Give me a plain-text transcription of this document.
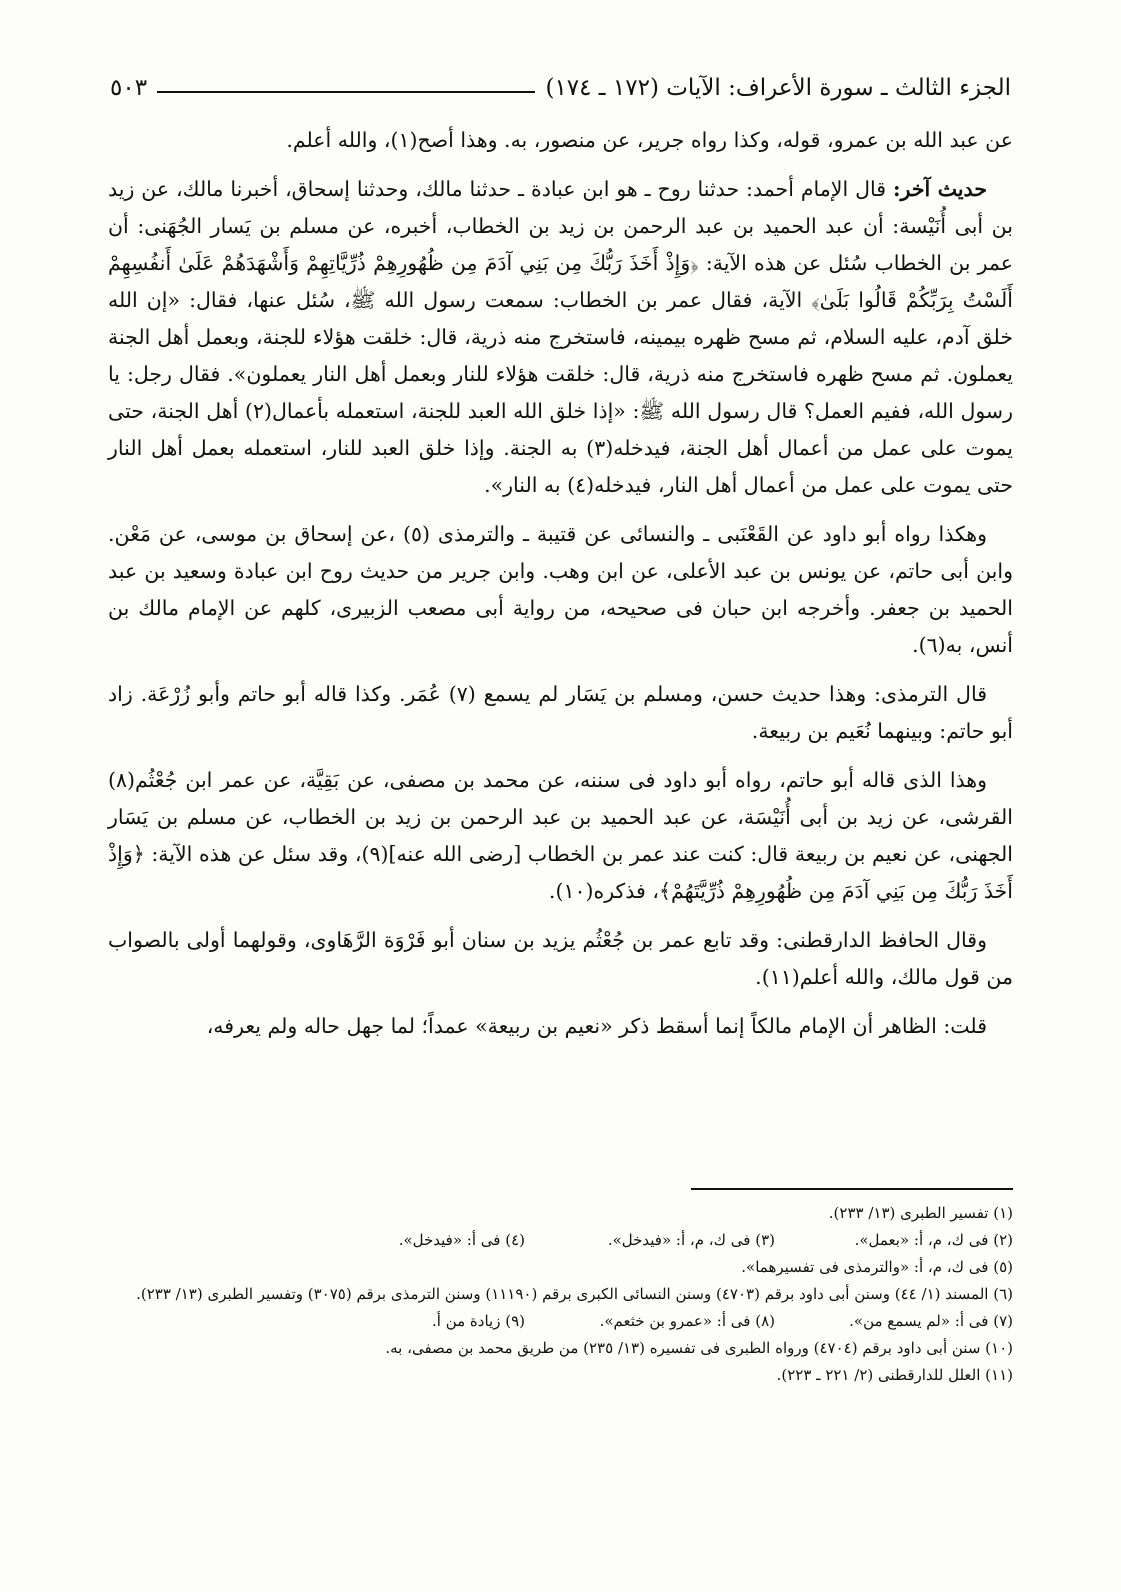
الجزء الثالث ـ سورة الأعراف: الآيات (١٧٢ ـ ١٧٤)
٥٠٣

عن عبد الله بن عمرو، قوله، وكذا رواه جرير، عن منصور، به. وهذا أصح(١)، والله أعلم.

حديث آخر: قال الإمام أحمد: حدثنا روح ـ هو ابن عبادة ـ حدثنا مالك، وحدثنا إسحاق، أخبرنا مالك، عن زيد بن أبى أُنَيْسة: أن عبد الحميد بن عبد الرحمن بن زيد بن الخطاب، أخبره، عن مسلم بن يَسار الجُهَنى: أن عمر بن الخطاب سُئل عن هذه الآية: ﴿وَإِذْ أَخَذَ رَبُّكَ مِن بَنِي آدَمَ مِن ظُهُورِهِمْ ذُرِّيَّاتِهِمْ وَأَشْهَدَهُمْ عَلَىٰ أَنفُسِهِمْ أَلَسْتُ بِرَبِّكُمْ قَالُوا بَلَىٰ﴾ الآية، فقال عمر بن الخطاب: سمعت رسول الله ﷺ، سُئل عنها، فقال: «إن الله خلق آدم، عليه السلام، ثم مسح ظهره بيمينه، فاستخرج منه ذرية، قال: خلقت هؤلاء للجنة، وبعمل أهل الجنة يعملون. ثم مسح ظهره فاستخرج منه ذرية، قال: خلقت هؤلاء للنار وبعمل أهل النار يعملون». فقال رجل: يا رسول الله، ففيم العمل؟ قال رسول الله ﷺ: «إذا خلق الله العبد للجنة، استعمله بأعمال(٢) أهل الجنة، حتى يموت على عمل من أعمال أهل الجنة، فيدخله(٣) به الجنة. وإذا خلق العبد للنار، استعمله بعمل أهل النار حتى يموت على عمل من أعمال أهل النار، فيدخله(٤) به النار».

وهكذا رواه أبو داود عن القَعْنَبى ـ والنسائى عن قتيبة ـ والترمذى (٥) ،عن إسحاق بن موسى، عن مَعْن. وابن أبى حاتم، عن يونس بن عبد الأعلى، عن ابن وهب. وابن جرير من حديث روح ابن عبادة وسعيد بن عبد الحميد بن جعفر. وأخرجه ابن حبان فى صحيحه، من رواية أبى مصعب الزبيرى، كلهم عن الإمام مالك بن أنس، به(٦).

قال الترمذى: وهذا حديث حسن، ومسلم بن يَسَار لم يسمع (٧) عُمَر. وكذا قاله أبو حاتم وأبو زُرْعَة. زاد أبو حاتم: وبينهما نُعَيم بن ربيعة.

وهذا الذى قاله أبو حاتم، رواه أبو داود فى سننه، عن محمد بن مصفى، عن بَقِيَّة، عن عمر ابن جُعْثُم(٨) القرشى، عن زيد بن أبى أُنَيْسَة، عن عبد الحميد بن عبد الرحمن بن زيد بن الخطاب، عن مسلم بن يَسَار الجهنى، عن نعيم بن ربيعة قال: كنت عند عمر بن الخطاب [رضى الله عنه](٩)، وقد سئل عن هذه الآية: ﴿وَإِذْ أَخَذَ رَبُّكَ مِن بَنِي آدَمَ مِن ظُهُورِهِمْ ذُرِّيَّتَهُمْ﴾، فذكره(١٠).

وقال الحافظ الدارقطنى: وقد تابع عمر بن جُعْثُم يزيد بن سنان أبو فَرْوَة الرَّهَاوى، وقولهما أولى بالصواب من قول مالك، والله أعلم(١١).

قلت: الظاهر أن الإمام مالكاً إنما أسقط ذكر «نعيم بن ربيعة» عمداً؛ لما جهل حاله ولم يعرفه،

(١) تفسير الطبرى (١٣/ ٢٣٣).

(٢) فى ك، م، أ: «بعمل».
(٣) فى ك، م، أ: «فيدخل».
(٤) فى أ: «فيدخل».

(٥) فى ك، م، أ: «والترمذى فى تفسيرهما».

(٦) المسند (١/ ٤٤) وسنن أبى داود برقم (٤٧٠٣) وسنن النسائى الكبرى برقم (١١١٩٠) وسنن الترمذى برقم (٣٠٧٥) وتفسير الطبرى (١٣/ ٢٣٣).

(٧) فى أ: «لم يسمع من».
(٨) فى أ: «عمرو بن خثعم».
(٩) زيادة من أ.

(١٠) سنن أبى داود برقم (٤٧٠٤) ورواه الطبرى فى تفسيره (١٣/ ٢٣٥) من طريق محمد بن مصفى، به.

(١١) العلل للدارقطنى (٢/ ٢٢١ ـ ٢٢٣).
